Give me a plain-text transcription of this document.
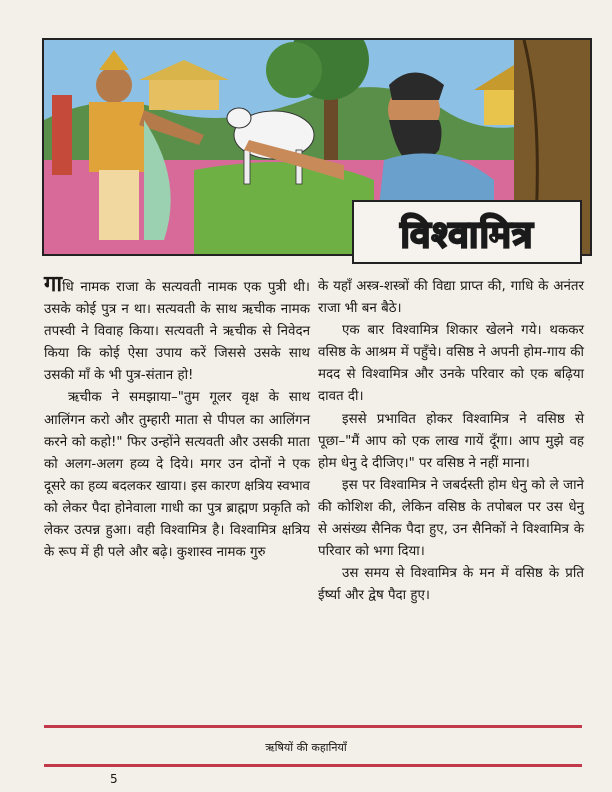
विश्वामित्र

गाधि नामक राजा के सत्यवती नामक एक पुत्री थी। उसके कोई पुत्र न था। सत्यवती के साथ ऋचीक नामक तपस्वी ने विवाह किया। सत्यवती ने ऋचीक से निवेदन किया कि कोई ऐसा उपाय करें जिससे उसके साथ उसकी माँ के भी पुत्र-संतान हो!

ऋचीक ने समझाया–"तुम गूलर वृक्ष के साथ आलिंगन करो और तुम्हारी माता से पीपल का आलिंगन करने को कहो!" फिर उन्होंने सत्यवती और उसकी माता को अलग-अलग हव्य दे दिये। मगर उन दोनों ने एक दूसरे का हव्य बदलकर खाया। इस कारण क्षत्रिय स्वभाव को लेकर पैदा होनेवाला गाधी का पुत्र ब्राह्मण प्रकृति को लेकर उत्पन्न हुआ। वही विश्वामित्र है। विश्वामित्र क्षत्रिय के रूप में ही पले और बढ़े। कुशास्व नामक गुरु

के यहाँ अस्त्र-शस्त्रों की विद्या प्राप्त की, गाधि के अनंतर राजा भी बन बैठे।

एक बार विश्वामित्र शिकार खेलने गये। थककर वसिष्ठ के आश्रम में पहुँचे। वसिष्ठ ने अपनी होम-गाय की मदद से विश्वामित्र और उनके परिवार को एक बढ़िया दावत दी।

इससे प्रभावित होकर विश्वामित्र ने वसिष्ठ से पूछा–"मैं आप को एक लाख गायें दूँगा। आप मुझे वह होम धेनु दे दीजिए।" पर वसिष्ठ ने नहीं माना।

इस पर विश्वामित्र ने जबर्दस्ती होम धेनु को ले जाने की कोशिश की, लेकिन वसिष्ठ के तपोबल पर उस धेनु से असंख्य सैनिक पैदा हुए, उन सैनिकों ने विश्वामित्र के परिवार को भगा दिया।

उस समय से विश्वामित्र के मन में वसिष्ठ के प्रति ईर्ष्या और द्वेष पैदा हुए।

ऋषियों की कहानियाँ
5
